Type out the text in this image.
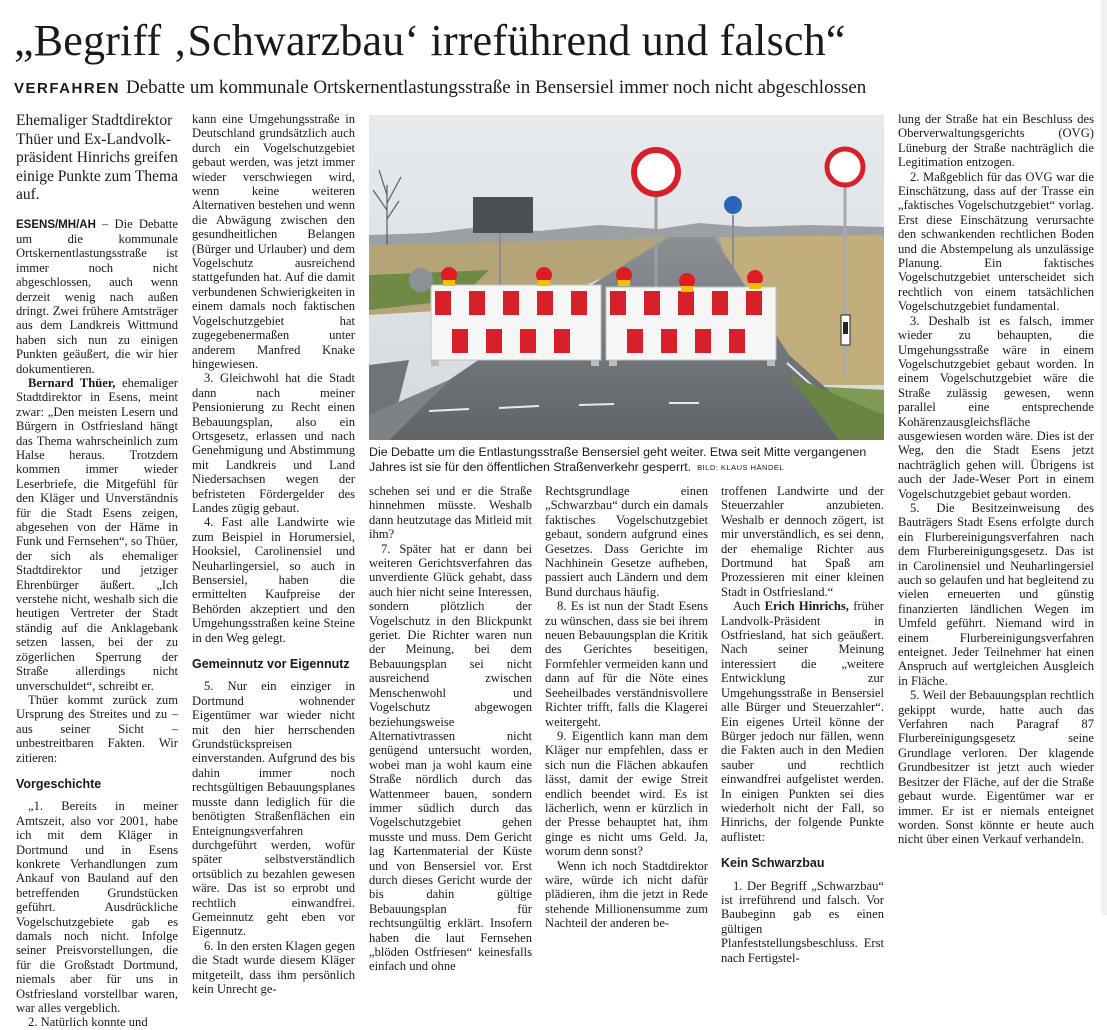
„Begriff ‚Schwarzbau‘ irreführend und falsch“
VERFAHREN Debatte um kommunale Ortskernentlastungsstraße in Bensersiel immer noch nicht abgeschlossen

Ehemaliger Stadtdirektor Thüer und Ex-Landvolk-präsident Hinrichs greifen einige Punkte zum Thema auf.

ESENS/MH/AH – Die Debatte um die kommunale Ortskernentlastungsstraße ist immer noch nicht abgeschlossen, auch wenn derzeit wenig nach außen dringt. Zwei frühere Amtsträger aus dem Landkreis Wittmund haben sich nun zu einigen Punkten geäußert, die wir hier dokumentieren.

Bernard Thüer, ehemaliger Stadtdirektor in Esens, meint zwar: „Den meisten Lesern und Bürgern in Ostfriesland hängt das Thema wahrscheinlich zum Halse heraus. Trotzdem kommen immer wieder Leserbriefe, die Mitgefühl für den Kläger und Unverständnis für die Stadt Esens zeigen, abgesehen von der Häme in Funk und Fernsehen“, so Thüer, der sich als ehemaliger Stadtdirektor und jetziger Ehrenbürger äußert. „Ich verstehe nicht, weshalb sich die heutigen Vertreter der Stadt ständig auf die Anklagebank setzen lassen, bei der zu zögerlichen Sperrung der Straße allerdings nicht unverschuldet“, schreibt er.

Thüer kommt zurück zum Ursprung des Streites und zu – aus seiner Sicht – unbestreitbaren Fakten. Wir zitieren:

Vorgeschichte

„1. Bereits in meiner Amtszeit, also vor 2001, habe ich mit dem Kläger in Dortmund und in Esens konkrete Verhandlungen zum Ankauf von Bauland auf den betreffenden Grundstücken geführt. Ausdrückliche Vogelschutzgebiete gab es damals noch nicht. Infolge seiner Preisvorstellungen, die für die Großstadt Dortmund, niemals aber für uns in Ostfriesland vorstellbar waren, war alles vergeblich.

2. Natürlich konnte und

kann eine Umgehungsstraße in Deutschland grundsätzlich auch durch ein Vogelschutzgebiet gebaut werden, was jetzt immer wieder verschwiegen wird, wenn keine weiteren Alternativen bestehen und wenn die Abwägung zwischen den gesundheitlichen Belangen (Bürger und Urlauber) und dem Vogelschutz ausreichend stattgefunden hat. Auf die damit verbundenen Schwierigkeiten in einem damals noch faktischen Vogelschutzgebiet hat zugegebenermaßen unter anderem Manfred Knake hingewiesen.

3. Gleichwohl hat die Stadt dann nach meiner Pensionierung zu Recht einen Bebauungsplan, also ein Ortsgesetz, erlassen und nach Genehmigung und Abstimmung mit Landkreis und Land Niedersachsen wegen der befristeten Fördergelder des Landes zügig gebaut.

4. Fast alle Landwirte wie zum Beispiel in Horumersiel, Hooksiel, Carolinensiel und Neuharlingersiel, so auch in Bensersiel, haben die ermittelten Kaufpreise der Behörden akzeptiert und den Umgehungsstraßen keine Steine in den Weg gelegt.

Gemeinnutz vor Eigennutz

5. Nur ein einziger in Dortmund wohnender Eigentümer war wieder nicht mit den hier herrschenden Grundstückspreisen einverstanden. Aufgrund des bis dahin immer noch rechtsgültigen Bebauungsplanes musste dann lediglich für die benötigten Straßenflächen ein Enteignungsverfahren durchgeführt werden, wofür später selbstverständlich ortsüblich zu bezahlen gewesen wäre. Das ist so erprobt und rechtlich einwandfrei. Gemeinnutz geht eben vor Eigennutz.

6. In den ersten Klagen gegen die Stadt wurde diesem Kläger mitgeteilt, dass ihm persönlich kein Unrecht ge-

Die Debatte um die Entlastungsstraße Bensersiel geht weiter. Etwa seit Mitte vergangenen Jahres ist sie für den öffentlichen Straßenverkehr gesperrt. BILD: KLAUS HÄNDEL

schehen sei und er die Straße hinnehmen müsste. Weshalb dann heutzutage das Mitleid mit ihm?

7. Später hat er dann bei weiteren Gerichtsverfahren das unverdiente Glück gehabt, dass auch hier nicht seine Interessen, sondern plötzlich der Vogelschutz in den Blickpunkt geriet. Die Richter waren nun der Meinung, bei dem Bebauungsplan sei nicht ausreichend zwischen Menschenwohl und Vogelschutz abgewogen beziehungsweise Alternativtrassen nicht genügend untersucht worden, wobei man ja wohl kaum eine Straße nördlich durch das Wattenmeer bauen, sondern immer südlich durch das Vogelschutzgebiet gehen musste und muss. Dem Gericht lag Kartenmaterial der Küste und von Bensersiel vor. Erst durch dieses Gericht wurde der bis dahin gültige Bebauungsplan für rechtsungültig erklärt. Insofern haben die laut Fernsehen „blöden Ostfriesen“ keinesfalls einfach und ohne

Rechtsgrundlage einen „Schwarzbau“ durch ein damals faktisches Vogelschutzgebiet gebaut, sondern aufgrund eines Gesetzes. Dass Gerichte im Nachhinein Gesetze aufheben, passiert auch Ländern und dem Bund durchaus häufig.

8. Es ist nun der Stadt Esens zu wünschen, dass sie bei ihrem neuen Bebauungsplan die Kritik des Gerichtes beseitigen, Formfehler vermeiden kann und dann auf für die Nöte eines Seeheilbades verständnisvollere Richter trifft, falls die Klagerei weitergeht.

9. Eigentlich kann man dem Kläger nur empfehlen, dass er sich nun die Flächen abkaufen lässt, damit der ewige Streit endlich beendet wird. Es ist lächerlich, wenn er kürzlich in der Presse behauptet hat, ihm ginge es nicht ums Geld. Ja, worum denn sonst?

Wenn ich noch Stadtdirektor wäre, würde ich nicht dafür plädieren, ihm die jetzt in Rede stehende Millionensumme zum Nachteil der anderen be-

troffenen Landwirte und der Steuerzahler anzubieten. Weshalb er dennoch zögert, ist mir unverständlich, es sei denn, der ehemalige Richter aus Dortmund hat Spaß am Prozessieren mit einer kleinen Stadt in Ostfriesland.“

Auch Erich Hinrichs, früher Landvolk-Präsident in Ostfriesland, hat sich geäußert. Nach seiner Meinung interessiert die „weitere Entwicklung zur Umgehungsstraße in Bensersiel alle Bürger und Steuerzahler“. Ein eigenes Urteil könne der Bürger jedoch nur fällen, wenn die Fakten auch in den Medien sauber und rechtlich einwandfrei aufgelistet werden. In einigen Punkten sei dies wiederholt nicht der Fall, so Hinrichs, der folgende Punkte auflistet:

Kein Schwarzbau

1. Der Begriff „Schwarzbau“ ist irreführend und falsch. Vor Baubeginn gab es einen gültigen Planfeststellungsbeschluss. Erst nach Fertigstel-

lung der Straße hat ein Beschluss des Oberverwaltungsgerichts (OVG) Lüneburg der Straße nachträglich die Legitimation entzogen.

2. Maßgeblich für das OVG war die Einschätzung, dass auf der Trasse ein „faktisches Vogelschutzgebiet“ vorlag. Erst diese Einschätzung verursachte den schwankenden rechtlichen Boden und die Abstempelung als unzulässige Planung. Ein faktisches Vogelschutzgebiet unterscheidet sich rechtlich von einem tatsächlichen Vogelschutzgebiet fundamental.

3. Deshalb ist es falsch, immer wieder zu behaupten, die Umgehungsstraße wäre in einem Vogelschutzgebiet gebaut worden. In einem Vogelschutzgebiet wäre die Straße zulässig gewesen, wenn parallel eine entsprechende Kohärenzausgleichsfläche ausgewiesen worden wäre. Dies ist der Weg, den die Stadt Esens jetzt nachträglich gehen will. Übrigens ist auch der Jade-Weser Port in einem Vogelschutzgebiet gebaut worden.

5. Die Besitzeinweisung des Bauträgers Stadt Esens erfolgte durch ein Flurbereinigungsverfahren nach dem Flurbereinigungsgesetz. Das ist in Carolinensiel und Neuharlingersiel auch so gelaufen und hat begleitend zu vielen erneuerten und günstig finanzierten ländlichen Wegen im Umfeld geführt. Niemand wird in einem Flurbereinigungsverfahren enteignet. Jeder Teilnehmer hat einen Anspruch auf wertgleichen Ausgleich in Fläche.

5. Weil der Bebauungsplan rechtlich gekippt wurde, hatte auch das Verfahren nach Paragraf 87 Flurbereinigungsgesetz seine Grundlage verloren. Der klagende Grundbesitzer ist jetzt auch wieder Besitzer der Fläche, auf der die Straße gebaut wurde. Eigentümer war er immer. Er ist er niemals enteignet worden. Sonst könnte er heute auch nicht über einen Verkauf verhandeln.
